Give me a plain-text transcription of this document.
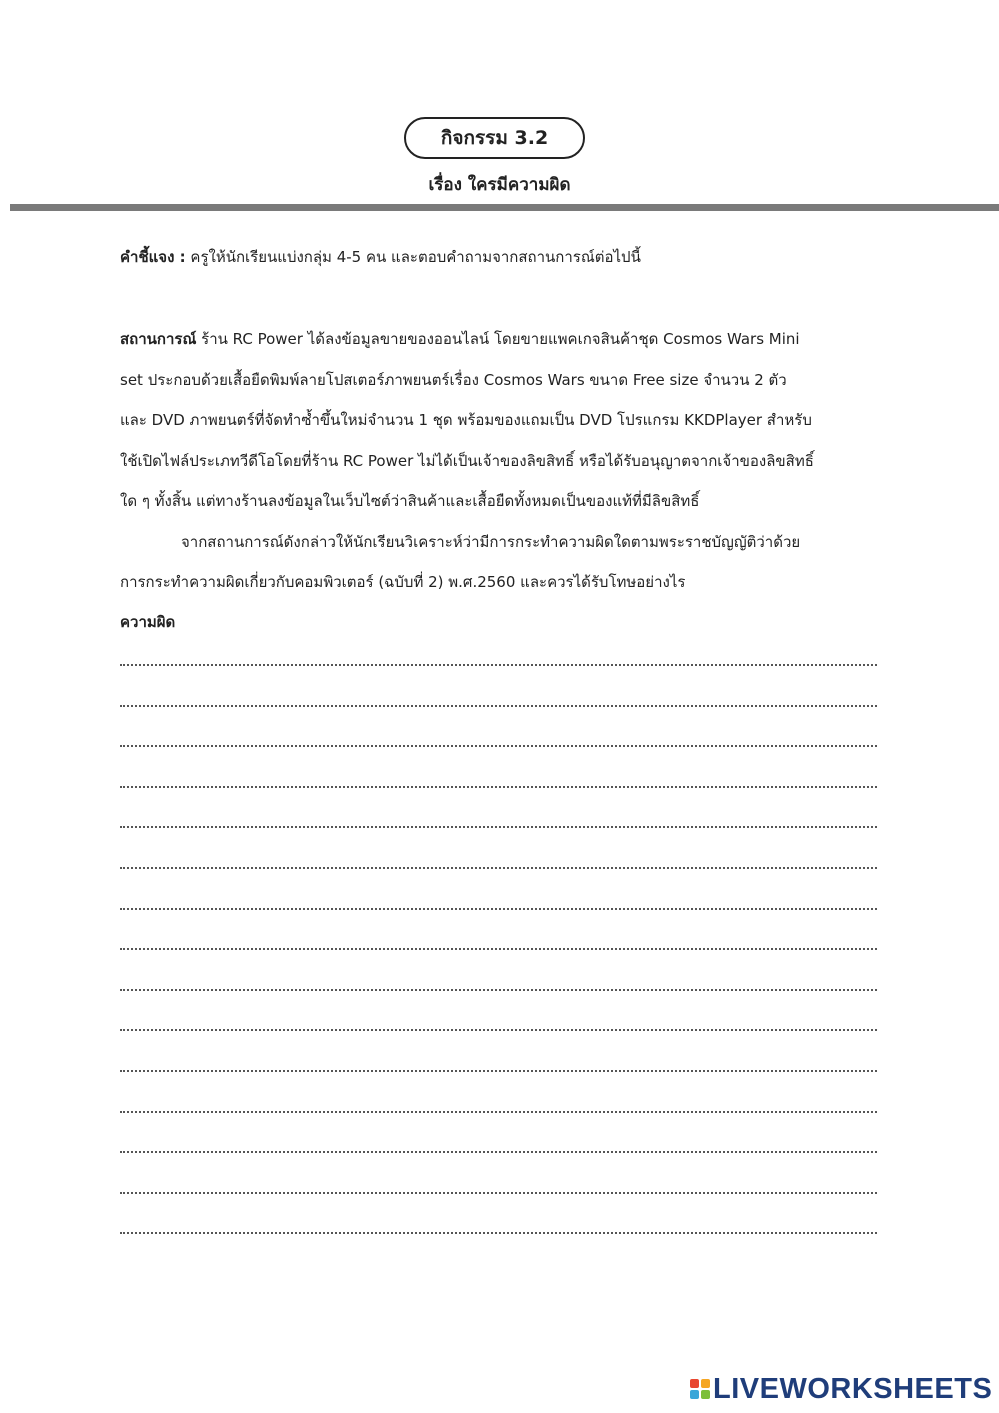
กิจกรรม 3.2
เรื่อง ใครมีความผิด
คำชี้แจง : ครูให้นักเรียนแบ่งกลุ่ม 4-5 คน และตอบคำถามจากสถานการณ์ต่อไปนี้
สถานการณ์ ร้าน RC Power ได้ลงข้อมูลขายของออนไลน์ โดยขายแพคเกจสินค้าชุด Cosmos Wars Mini
set ประกอบด้วยเสื้อยืดพิมพ์ลายโปสเตอร์ภาพยนตร์เรื่อง Cosmos Wars ขนาด Free size จำนวน 2 ตัว
และ DVD ภาพยนตร์ที่จัดทำซ้ำขึ้นใหม่จำนวน 1 ชุด พร้อมของแถมเป็น DVD โปรแกรม KKDPlayer สำหรับ
ใช้เปิดไฟล์ประเภทวีดีโอโดยที่ร้าน RC Power ไม่ได้เป็นเจ้าของลิขสิทธิ์ หรือได้รับอนุญาตจากเจ้าของลิขสิทธิ์
ใด ๆ ทั้งสิ้น แต่ทางร้านลงข้อมูลในเว็บไซต์ว่าสินค้าและเสื้อยืดทั้งหมดเป็นของแท้ที่มีลิขสิทธิ์
จากสถานการณ์ดังกล่าวให้นักเรียนวิเคราะห์ว่ามีการกระทำความผิดใดตามพระราชบัญญัติว่าด้วย
การกระทำความผิดเกี่ยวกับคอมพิวเตอร์ (ฉบับที่ 2) พ.ศ.2560 และควรได้รับโทษอย่างไร
ความผิด
LIVEWORKSHEETS
